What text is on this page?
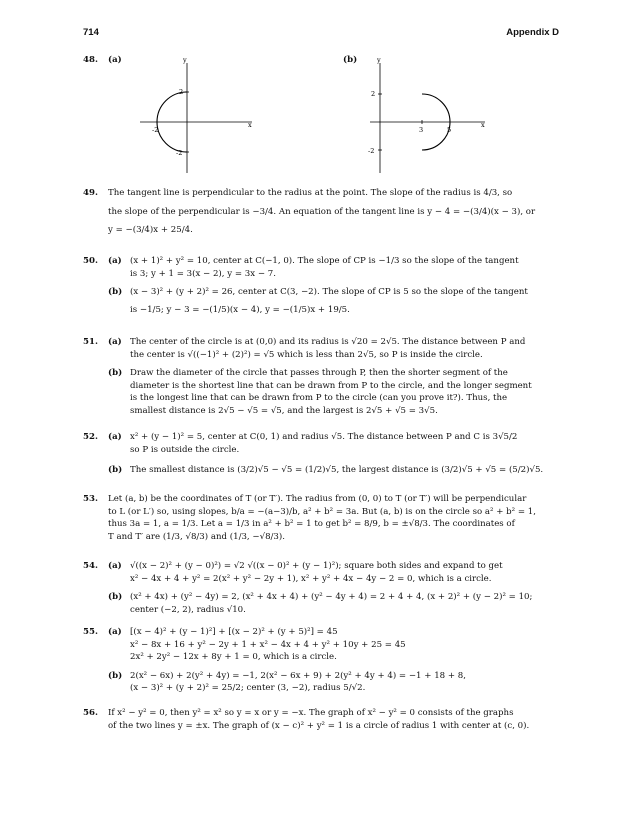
714	Appendix D
48. (a)	(b)
y
x
2
-2
-2
y
x
2
3	5
-2
49. The tangent line is perpendicular to the radius at the point. The slope of the radius is 4/3, so
the slope of the perpendicular is −3/4. An equation of the tangent line is y − 4 = −(3/4)(x − 3), or
y = −(3/4)x + 25/4.
50. (a) (x + 1)² + y² = 10, center at C(−1, 0). The slope of CP is −1/3 so the slope of the tangent
is 3; y + 1 = 3(x − 2), y = 3x − 7.
(b) (x − 3)² + (y + 2)² = 26, center at C(3, −2). The slope of CP is 5 so the slope of the tangent
is −1/5; y − 3 = −(1/5)(x − 4), y = −(1/5)x + 19/5.
51. (a) The center of the circle is at (0,0) and its radius is √20 = 2√5. The distance between P and
the center is √((−1)² + (2)²) = √5 which is less than 2√5, so P is inside the circle.
(b) Draw the diameter of the circle that passes through P, then the shorter segment of the
diameter is the shortest line that can be drawn from P to the circle, and the longer segment
is the longest line that can be drawn from P to the circle (can you prove it?). Thus, the
smallest distance is 2√5 − √5 = √5, and the largest is 2√5 + √5 = 3√5.
52. (a) x² + (y − 1)² = 5, center at C(0, 1) and radius √5. The distance between P and C is 3√5/2
so P is outside the circle.
(b) The smallest distance is (3/2)√5 − √5 = (1/2)√5, the largest distance is (3/2)√5 + √5 = (5/2)√5.
53. Let (a, b) be the coordinates of T (or T′). The radius from (0, 0) to T (or T′) will be perpendicular
to L (or L′) so, using slopes, b/a = −(a−3)/b, a² + b² = 3a. But (a, b) is on the circle so a² + b² = 1,
thus 3a = 1, a = 1/3. Let a = 1/3 in a² + b² = 1 to get b² = 8/9, b = ±√8/3. The coordinates of
T and T′ are (1/3, √8/3) and (1/3, −√8/3).
54. (a) √((x − 2)² + (y − 0)²) = √2 √((x − 0)² + (y − 1)²); square both sides and expand to get
x² − 4x + 4 + y² = 2(x² + y² − 2y + 1), x² + y² + 4x − 4y − 2 = 0, which is a circle.
(b) (x² + 4x) + (y² − 4y) = 2, (x² + 4x + 4) + (y² − 4y + 4) = 2 + 4 + 4, (x + 2)² + (y − 2)² = 10;
center (−2, 2), radius √10.
55. (a) [(x − 4)² + (y − 1)²] + [(x − 2)² + (y + 5)²] = 45
x² − 8x + 16 + y² − 2y + 1 + x² − 4x + 4 + y² + 10y + 25 = 45
2x² + 2y² − 12x + 8y + 1 = 0, which is a circle.
(b) 2(x² − 6x) + 2(y² + 4y) = −1, 2(x² − 6x + 9) + 2(y² + 4y + 4) = −1 + 18 + 8,
(x − 3)² + (y + 2)² = 25/2; center (3, −2), radius 5/√2.
56. If x² − y² = 0, then y² = x² so y = x or y = −x. The graph of x² − y² = 0 consists of the graphs
of the two lines y = ±x. The graph of (x − c)² + y² = 1 is a circle of radius 1 with center at (c, 0).
